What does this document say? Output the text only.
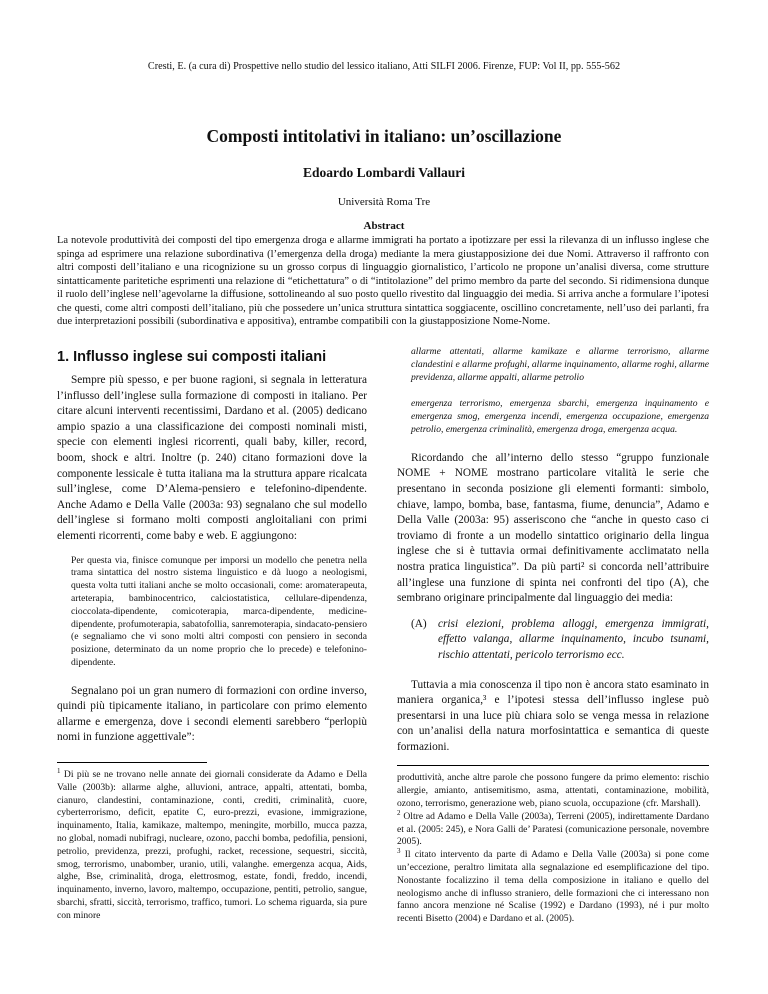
Cresti, E. (a cura di) Prospettive nello studio del lessico italiano, Atti SILFI 2006. Firenze, FUP: Vol II, pp. 555-562
Composti intitolativi in italiano: un’oscillazione
Edoardo Lombardi Vallauri
Università Roma Tre
Abstract
La notevole produttività dei composti del tipo emergenza droga e allarme immigrati ha portato a ipotizzare per essi la rilevanza di un influsso inglese che spinga ad esprimere una relazione subordinativa (l’emergenza della droga) mediante la mera giustapposizione dei due Nomi. Attraverso il raffronto con altri composti dell’italiano e una ricognizione su un grosso corpus di linguaggio giornalistico, l’articolo ne propone un’analisi diversa, come strutture sintatticamente paritetiche esprimenti una relazione di “etichettatura” o di “intitolazione” del primo membro da parte del secondo. Si ridimensiona dunque il ruolo dell’inglese nell’agevolarne la diffusione, sottolineando al suo posto quello rivestito dal linguaggio dei media. Si arriva anche a formulare l’ipotesi che questi, come altri composti dell’italiano, più che possedere un’unica struttura sintattica soggiacente, oscillino concretamente, nell’uso dei parlanti, fra due interpretazioni possibili (subordinativa e appositiva), entrambe compatibili con la giustapposizione Nome-Nome.
1. Influsso inglese sui composti italiani

Sempre più spesso, e per buone ragioni, si segnala in letteratura l’influsso dell’inglese sulla formazione di composti in italiano. Per citare alcuni interventi recentissimi, Dardano et al. (2005) dedicano ampio spazio a una classificazione dei composti nominali misti, specie con elementi inglesi ricorrenti, quali baby, killer, record, boom, shock e altri. Inoltre (p. 240) citano formazioni dove la componente lessicale è tutta italiana ma la struttura appare ricalcata sull’inglese, come D’Alema-pensiero e telefonino-dipendente. Anche Adamo e Della Valle (2003a: 93) segnalano che sul modello dell’inglese si formano molti composti angloitaliani con primi elementi ricorrenti, come baby e web. E aggiungono:

Per questa via, finisce comunque per imporsi un modello che penetra nella trama sintattica del nostro sistema linguistico e dà luogo a neologismi, questa volta tutti italiani anche se molto occasionali, come: aromaterapeuta, arteterapia, bambinocentrico, calciostatistica, cellulare-dipendenza, cioccolata-dipendente, comicoterapia, marca-dipendente, medicine-dipendente, profumoterapia, sabatofollia, sanremoterapia, sindacato-pensiero (e segnaliamo che vi sono molti altri composti con pensiero in seconda posizione, determinato da un nome proprio che lo precede) e telefonino-dipendente.

Segnalano poi un gran numero di formazioni con ordine inverso, quindi più tipicamente italiano, in particolare con primo elemento allarme e emergenza, dove i secondi elementi sarebbero “perlopiù nomi in funzione aggettivale”:

$^1$ Di più se ne trovano nelle annate dei giornali considerate da Adamo e Della Valle (2003b): allarme alghe, alluvioni, antrace, appalti, attentati, bomba, cianuro, clandestini, contaminazione, conti, crediti, criminalità, cuore, cyberterrorismo, deficit, epatite C, euro-prezzi, evasione, immigrazione, inquinamento, Italia, kamikaze, maltempo, meningite, morbillo, mucca pazza, no global, nomadi nubifragi, nucleare, ozono, pacchi bomba, pedofilia, pensioni, petrolio, previdenza, prezzi, profughi, racket, recessione, sequestri, siccità, smog, terrorismo, unabomber, uranio, utili, valanghe. emergenza acqua, Aids, alghe, Bse, criminalità, droga, elettrosmog, estate, fondi, freddo, incendi, inquinamento, inverno, lavoro, maltempo, occupazione, pentiti, petrolio, sangue, sbarchi, sfratti, siccità, terrorismo, traffico, tumori. Lo schema riguarda, sia pure con minore
allarme attentati, allarme kamikaze e allarme terrorismo, allarme clandestini e allarme profughi, allarme inquinamento, allarme roghi, allarme previdenza, allarme appalti, allarme petrolio
emergenza terrorismo, emergenza sbarchi, emergenza inquinamento e emergenza smog, emergenza incendi, emergenza occupazione, emergenza petrolio, emergenza criminalità, emergenza droga, emergenza acqua.

Ricordando che all’interno dello stesso “gruppo funzionale NOME + NOME mostrano particolare vitalità le serie che presentano in seconda posizione gli elementi formanti: simbolo, chiave, lampo, bomba, base, fantasma, fiume, denuncia”, Adamo e Della Valle (2003a: 95) asseriscono che “anche in questo caso ci troviamo di fronte a un modello sintattico originario della lingua inglese che si è tuttavia ormai definitivamente acclimatato nella nostra pratica linguistica”. Da più parti² si concorda nell’attribuire all’inglese una funzione di spinta nei confronti del tipo (A), che sembrano originare principalmente dal linguaggio dei media:

(A)	crisi elezioni, problema alloggi, emergenza immigrati, effetto valanga, allarme inquinamento, incubo tsunami, rischio attentati, pericolo terrorismo ecc.

Tuttavia a mia conoscenza il tipo non è ancora stato esaminato in maniera organica,³ e l’ipotesi stessa dell’influsso inglese può presentarsi in una luce più chiara solo se venga messa in relazione con un’analisi della natura morfosintattica e semantica di queste formazioni.

produttività, anche altre parole che possono fungere da primo elemento: rischio allergie, amianto, antisemitismo, asma, attentati, contaminazione, mobilità, ozono, terrorismo, generazione web, piano scuola, occupazione (cfr. Marshall).
$^2$ Oltre ad Adamo e Della Valle (2003a), Terreni (2005), indirettamente Dardano et al. (2005: 245), e Nora Galli de’ Paratesi (comunicazione personale, novembre 2005).
$^3$ Il citato intervento da parte di Adamo e Della Valle (2003a) si pone come un’eccezione, peraltro limitata alla segnalazione ed esemplificazione del tipo. Nonostante focalizzino il tema della composizione in italiano e quello del neologismo anche di influsso straniero, delle formazioni che ci interessano non fanno ancora menzione né Scalise (1992) e Dardano (1993), né i pur molto recenti Bisetto (2004) e Dardano et al. (2005).
